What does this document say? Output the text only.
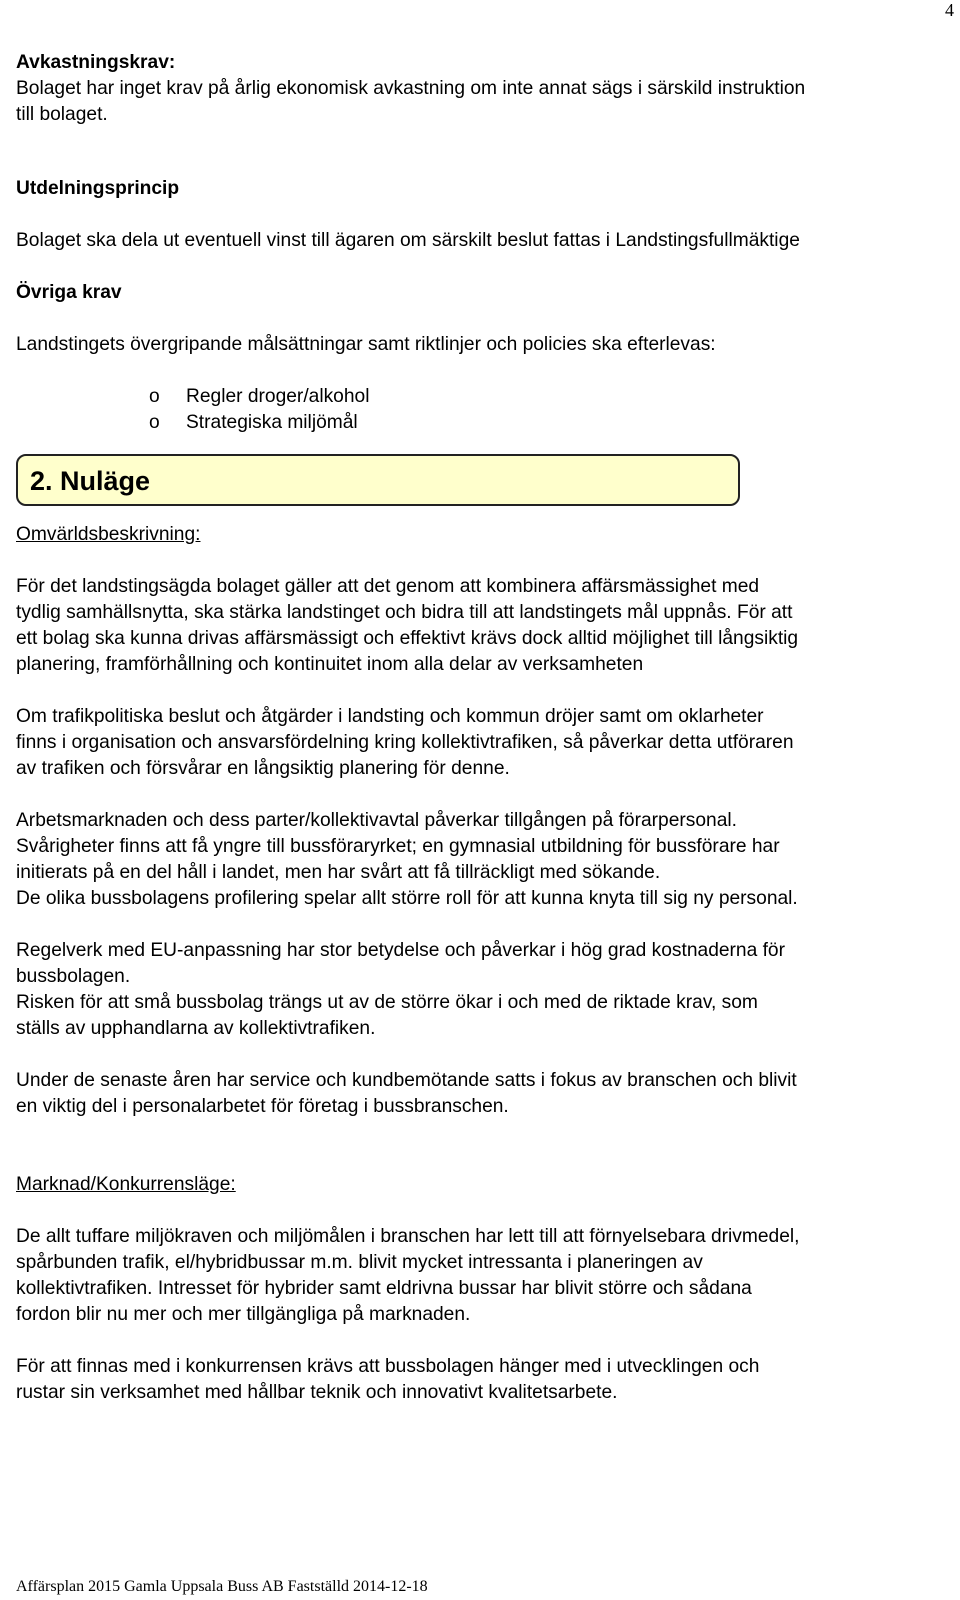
4

Avkastningskrav:

Bolaget har inget krav på årlig ekonomisk avkastning om inte annat sägs i särskild instruktion

till bolaget.

Utdelningsprincip

Bolaget ska dela ut eventuell vinst till ägaren om särskilt beslut fattas i Landstingsfullmäktige

Övriga krav

Landstingets övergripande målsättningar samt riktlinjer och policies ska efterlevas:

o Regler droger/alkohol
o Strategiska miljömål
2. Nuläge

Omvärldsbeskrivning:

För det landstingsägda bolaget gäller att det genom att kombinera affärsmässighet med

tydlig samhällsnytta, ska stärka landstinget och bidra till att landstingets mål uppnås. För att

ett bolag ska kunna drivas affärsmässigt och effektivt krävs dock alltid möjlighet till långsiktig

planering, framförhållning och kontinuitet inom alla delar av verksamheten

Om trafikpolitiska beslut och åtgärder i landsting och kommun dröjer samt om oklarheter

finns i organisation och ansvarsfördelning kring kollektivtrafiken, så påverkar detta utföraren

av trafiken och försvårar en långsiktig planering för denne.

Arbetsmarknaden och dess parter/kollektivavtal påverkar tillgången på förarpersonal.

Svårigheter finns att få yngre till bussföraryrket; en gymnasial utbildning för bussförare har

initierats på en del håll i landet, men har svårt att få tillräckligt med sökande.

De olika bussbolagens profilering spelar allt större roll för att kunna knyta till sig ny personal.

Regelverk med EU-anpassning har stor betydelse och påverkar i hög grad kostnaderna för

bussbolagen.

Risken för att små bussbolag trängs ut av de större ökar i och med de riktade krav, som

ställs av upphandlarna av kollektivtrafiken.

Under de senaste åren har service och kundbemötande satts i fokus av branschen och blivit

en viktig del i personalarbetet för företag i bussbranschen.

Marknad/Konkurrensläge:

De allt tuffare miljökraven och miljömålen i branschen har lett till att förnyelsebara drivmedel,

spårbunden trafik, el/hybridbussar m.m. blivit mycket intressanta i planeringen av

kollektivtrafiken. Intresset för hybrider samt eldrivna bussar har blivit större och sådana

fordon blir nu mer och mer tillgängliga på marknaden.

För att finnas med i konkurrensen krävs att bussbolagen hänger med i utvecklingen och

rustar sin verksamhet med hållbar teknik och innovativt kvalitetsarbete.

Affärsplan 2015 Gamla Uppsala Buss AB Fastställd 2014-12-18
